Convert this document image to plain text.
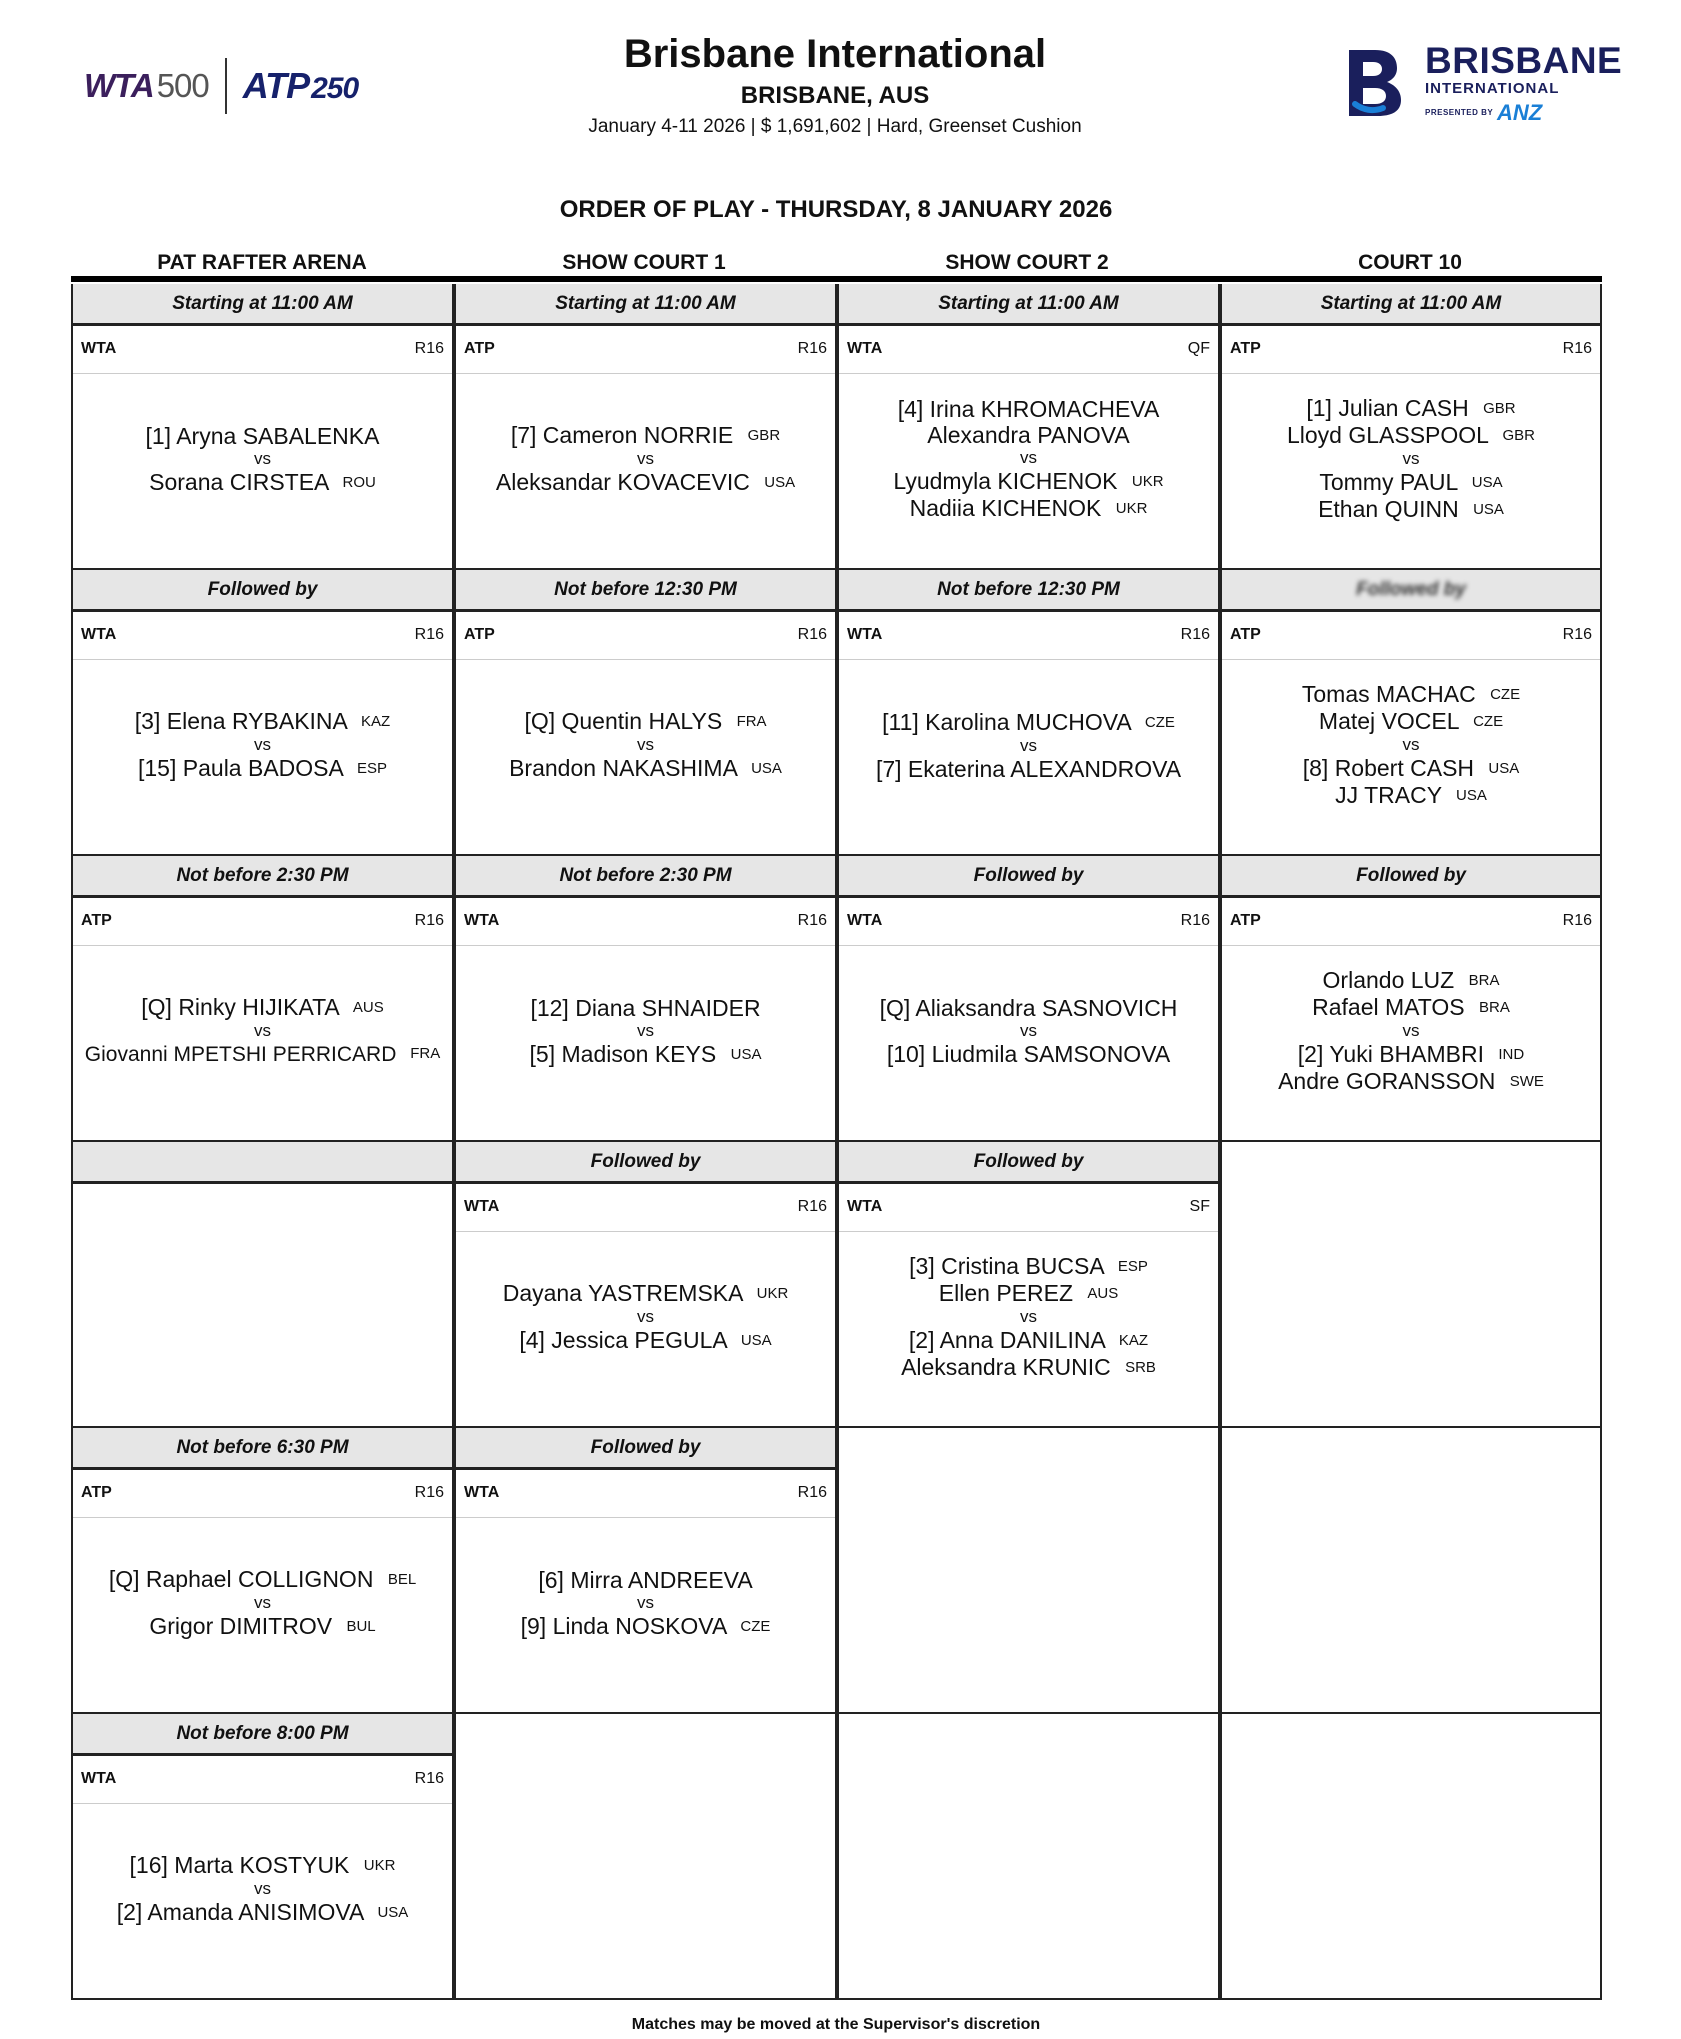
WTA500 ATP250
Brisbane International
BRISBANE, AUS
January 4-11 2026 | $ 1,691,602 | Hard, Greenset Cushion
BRISBANE
INTERNATIONAL
PRESENTED BY ANZ
ORDER OF PLAY - THURSDAY, 8 JANUARY 2026
PAT RAFTER ARENA	SHOW COURT 1	SHOW COURT 2	COURT 10
Starting at 11:00 AM
WTA	R16
[1] Aryna SABALENKA
vs
Sorana CIRSTEA ROU
Followed by
WTA	R16
[3] Elena RYBAKINA KAZ
vs
[15] Paula BADOSA ESP
Not before 2:30 PM
ATP	R16
[Q] Rinky HIJIKATA AUS
vs
Giovanni MPETSHI PERRICARD FRA
Not before 6:30 PM
ATP	R16
[Q] Raphael COLLIGNON BEL
vs
Grigor DIMITROV BUL
Not before 8:00 PM
WTA	R16
[16] Marta KOSTYUK UKR
vs
[2] Amanda ANISIMOVA USA
Starting at 11:00 AM
ATP	R16
[7] Cameron NORRIE GBR
vs
Aleksandar KOVACEVIC USA
Not before 12:30 PM
ATP	R16
[Q] Quentin HALYS FRA
vs
Brandon NAKASHIMA USA
Not before 2:30 PM
WTA	R16
[12] Diana SHNAIDER
vs
[5] Madison KEYS USA
Followed by
WTA	R16
Dayana YASTREMSKA UKR
vs
[4] Jessica PEGULA USA
Followed by
WTA	R16
[6] Mirra ANDREEVA
vs
[9] Linda NOSKOVA CZE
Starting at 11:00 AM
WTA	QF
[4] Irina KHROMACHEVA
Alexandra PANOVA
vs
Lyudmyla KICHENOK UKR
Nadiia KICHENOK UKR
Not before 12:30 PM
WTA	R16
[11] Karolina MUCHOVA CZE
vs
[7] Ekaterina ALEXANDROVA
Followed by
WTA	R16
[Q] Aliaksandra SASNOVICH
vs
[10] Liudmila SAMSONOVA
Followed by
WTA	SF
[3] Cristina BUCSA ESP
Ellen PEREZ AUS
vs
[2] Anna DANILINA KAZ
Aleksandra KRUNIC SRB
Starting at 11:00 AM
ATP	R16
[1] Julian CASH GBR
Lloyd GLASSPOOL GBR
vs
Tommy PAUL USA
Ethan QUINN USA
Followed by
ATP	R16
Tomas MACHAC CZE
Matej VOCEL CZE
vs
[8] Robert CASH USA
JJ TRACY USA
Followed by
ATP	R16
Orlando LUZ BRA
Rafael MATOS BRA
vs
[2] Yuki BHAMBRI IND
Andre GORANSSON SWE
Matches may be moved at the Supervisor's discretion
